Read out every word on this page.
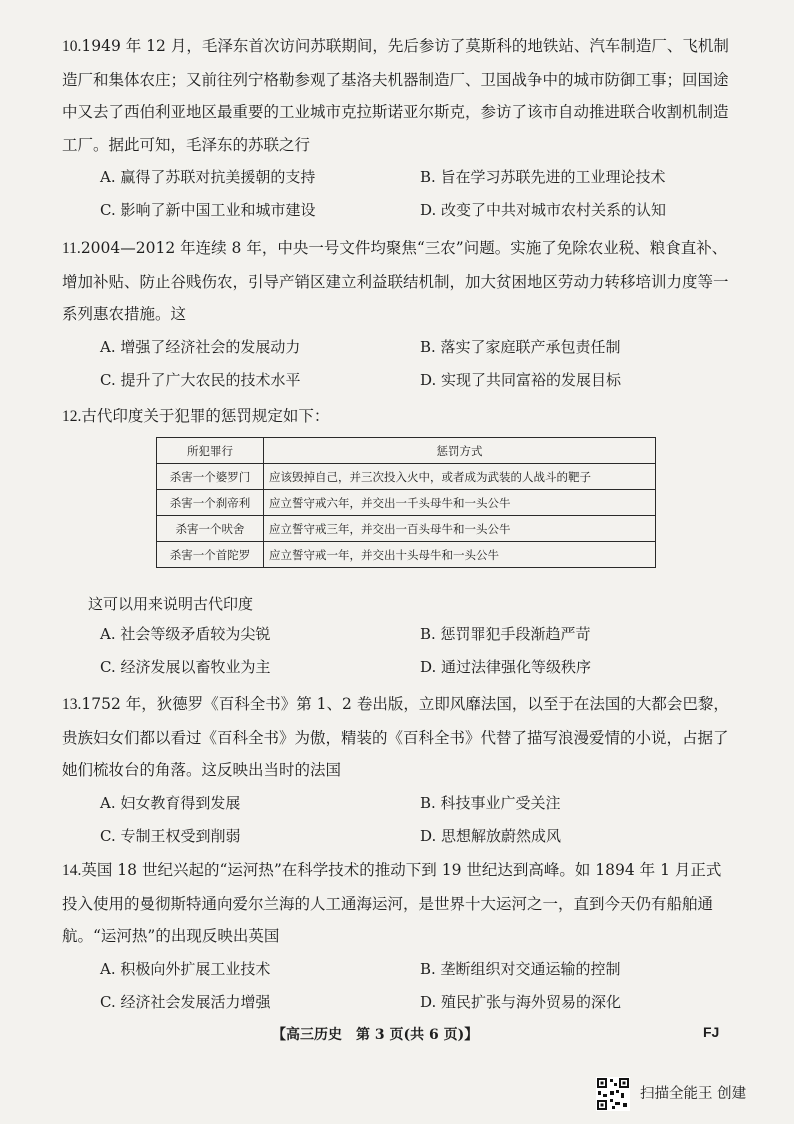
10.1949 年 12 月，毛泽东首次访问苏联期间，先后参访了莫斯科的地铁站、汽车制造厂、飞机制造厂和集体农庄；又前往列宁格勒参观了基洛夫机器制造厂、卫国战争中的城市防御工事；回国途中又去了西伯利亚地区最重要的工业城市克拉斯诺亚尔斯克，参访了该市自动推进联合收割机制造工厂。据此可知，毛泽东的苏联之行

A. 赢得了苏联对抗美援朝的支持	B. 旨在学习苏联先进的工业理论技术
C. 影响了新中国工业和城市建设	D. 改变了中共对城市农村关系的认知

11.2004—2012 年连续 8 年，中央一号文件均聚焦“三农”问题。实施了免除农业税、粮食直补、增加补贴、防止谷贱伤农，引导产销区建立利益联结机制，加大贫困地区劳动力转移培训力度等一系列惠农措施。这

A. 增强了经济社会的发展动力	B. 落实了家庭联产承包责任制
C. 提升了广大农民的技术水平	D. 实现了共同富裕的发展目标

12.古代印度关于犯罪的惩罚规定如下：

所犯罪行	惩罚方式
杀害一个婆罗门	应该毁掉自己，并三次投入火中，或者成为武装的人战斗的靶子
杀害一个刹帝利	应立誓守戒六年，并交出一千头母牛和一头公牛
杀害一个吠舍	应立誓守戒三年，并交出一百头母牛和一头公牛
杀害一个首陀罗	应立誓守戒一年，并交出十头母牛和一头公牛
这可以用来说明古代印度
A. 社会等级矛盾较为尖锐	B. 惩罚罪犯手段渐趋严苛
C. 经济发展以畜牧业为主	D. 通过法律强化等级秩序

13.1752 年，狄德罗《百科全书》第 1、2 卷出版，立即风靡法国，以至于在法国的大都会巴黎，贵族妇女们都以看过《百科全书》为傲，精装的《百科全书》代替了描写浪漫爱情的小说，占据了她们梳妆台的角落。这反映出当时的法国

A. 妇女教育得到发展	B. 科技事业广受关注
C. 专制王权受到削弱	D. 思想解放蔚然成风

14.英国 18 世纪兴起的“运河热”在科学技术的推动下到 19 世纪达到高峰。如 1894 年 1 月正式投入使用的曼彻斯特通向爱尔兰海的人工通海运河，是世界十大运河之一，直到今天仍有船舶通航。“运河热”的出现反映出英国

A. 积极向外扩展工业技术	B. 垄断组织对交通运输的控制
C. 经济社会发展活力增强	D. 殖民扩张与海外贸易的深化
【高三历史　第 3 页(共 6 页)】	FJ
扫描全能王 创建
